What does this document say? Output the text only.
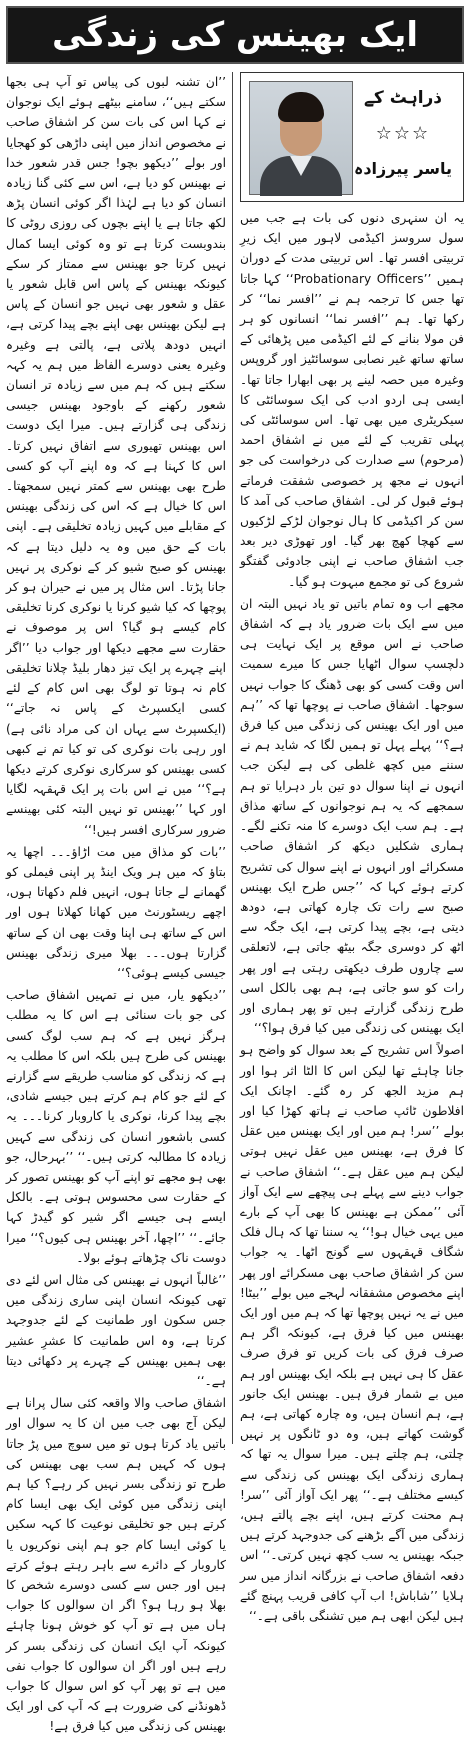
ایک بھینس کی زندگی
ذراہٹ کے
☆☆☆
یاسر پیرزادہ

یہ ان سنہری دنوں کی بات ہے جب میں سول سروسز اکیڈمی لاہور میں ایک زیرِ تربیتی افسر تھا۔ اس تربیتی مدت کے دوران ہمیں ’’Probationary Officers‘‘ کہا جاتا تھا جس کا ترجمہ ہم نے ’’افسر نما‘‘ کر رکھا تھا۔ ہم ’’افسر نما‘‘ انسانوں کو ہر فن مولا بنانے کے لئے اکیڈمی میں پڑھائی کے ساتھ ساتھ غیر نصابی سوسائٹیز اور گروپس وغیرہ میں حصہ لینے پر بھی ابھارا جاتا تھا۔ ایسی ہی اردو ادب کی ایک سوسائٹی کا سیکریٹری میں بھی تھا۔ اس سوسائٹی کی پہلی تقریب کے لئے میں نے اشفاق احمد (مرحوم) سے صدارت کی درخواست کی جو انہوں نے مجھ پر خصوصی شفقت فرماتے ہوئے قبول کر لی۔ اشفاق صاحب کی آمد کا سن کر اکیڈمی کا ہال نوجوان لڑکے لڑکیوں سے کھچا کھچ بھر گیا۔ اور تھوڑی دیر بعد جب اشفاق صاحب نے اپنی جادوئی گفتگو شروع کی تو مجمع مبہوت ہو گیا۔

مجھے اب وہ تمام باتیں تو یاد نہیں البتہ ان میں سے ایک بات ضرور یاد ہے کہ اشفاق صاحب نے اس موقع پر ایک نہایت ہی دلچسپ سوال اٹھایا جس کا میرے سمیت اس وقت کسی کو بھی ڈھنگ کا جواب نہیں سوجھا۔ اشفاق صاحب نے پوچھا تھا کہ ’’ہم میں اور ایک بھینس کی زندگی میں کیا فرق ہے؟‘‘ پہلے پہل تو ہمیں لگا کہ شاید ہم نے سننے میں کچھ غلطی کی ہے لیکن جب انہوں نے اپنا سوال دو تین بار دہرایا تو ہم سمجھے کہ یہ ہم نوجوانوں کے ساتھ مذاق ہے۔ ہم سب ایک دوسرے کا منہ تکنے لگے۔ ہماری شکلیں دیکھ کر اشفاق صاحب مسکرائے اور انہوں نے اپنے سوال کی تشریح کرتے ہوئے کہا کہ ’’جس طرح ایک بھینس صبح سے رات تک چارہ کھاتی ہے، دودھ دیتی ہے، بچے پیدا کرتی ہے، ایک جگہ سے اٹھ کر دوسری جگہ بیٹھ جاتی ہے، لاتعلقی سے چاروں طرف دیکھتی رہتی ہے اور پھر رات کو سو جاتی ہے، ہم بھی بالکل اسی طرح زندگی گزارتے ہیں تو پھر ہماری اور ایک بھینس کی زندگی میں کیا فرق ہوا؟‘‘

اصولاً اس تشریح کے بعد سوال کو واضح ہو جانا چاہئے تھا لیکن اس کا الٹا اثر ہوا اور ہم مزید الجھ کر رہ گئے۔ اچانک ایک افلاطون ٹائپ صاحب نے ہاتھ کھڑا کیا اور بولے ’’سر! ہم میں اور ایک بھینس میں عقل کا فرق ہے، بھینس میں عقل نہیں ہوتی لیکن ہم میں عقل ہے۔‘‘ اشفاق صاحب نے جواب دینے سے پہلے ہی پیچھے سے ایک آواز آئی ’’ممکن ہے بھینس کا بھی آپ کے بارے میں یہی خیال ہو!‘‘ یہ سننا تھا کہ ہال فلک شگاف قہقہوں سے گونج اٹھا۔ یہ جواب سن کر اشفاق صاحب بھی مسکرائے اور پھر اپنے مخصوص مشفقانہ لہجے میں بولے ’’بیٹا! میں نے یہ نہیں پوچھا تھا کہ ہم میں اور ایک بھینس میں کیا فرق ہے، کیونکہ اگر ہم صرف فرق کی بات کریں تو فرق صرف عقل کا ہی نہیں ہے بلکہ ایک بھینس اور ہم میں بے شمار فرق ہیں۔ بھینس ایک جانور ہے، ہم انسان ہیں، وہ چارہ کھاتی ہے، ہم گوشت کھاتے ہیں، وہ دو ٹانگوں پر نہیں چلتی، ہم چلتے ہیں۔ میرا سوال یہ تھا کہ ہماری زندگی ایک بھینس کی زندگی سے کیسے مختلف ہے۔‘‘ پھر ایک آواز آئی ’’سر! ہم محنت کرتے ہیں، اپنے بچے پالتے ہیں، زندگی میں آگے بڑھنے کی جدوجہد کرتے ہیں جبکہ بھینس یہ سب کچھ نہیں کرتی۔‘‘ اس دفعہ اشفاق صاحب نے بزرگانہ انداز میں سر ہلایا ’’شاباش! اب آپ کافی قریب پہنچ گئے ہیں لیکن ابھی ہم میں تشنگی باقی ہے۔‘‘

’’ان تشنہ لبوں کی پیاس تو آپ ہی بجھا سکتے ہیں‘‘، سامنے بیٹھے ہوئے ایک نوجوان نے کہا اس کی بات سن کر اشفاق صاحب نے مخصوص انداز میں اپنی داڑھی کو کھجایا اور بولے ’’دیکھو بچو! جس قدر شعور خدا نے بھینس کو دیا ہے، اس سے کئی گنا زیادہ انسان کو دیا ہے لہٰذا اگر کوئی انسان پڑھ لکھ جاتا ہے یا اپنے بچوں کی روزی روٹی کا بندوبست کرتا ہے تو وہ کوئی ایسا کمال نہیں کرتا جو بھینس سے ممتاز کر سکے کیونکہ بھینس کے پاس اس قابل شعور یا عقل و شعور بھی نہیں جو انسان کے پاس ہے لیکن بھینس بھی اپنے بچے پیدا کرتی ہے، انہیں دودھ پلاتی ہے، پالتی ہے وغیرہ وغیرہ یعنی دوسرے الفاظ میں ہم یہ کہہ سکتے ہیں کہ ہم میں سے زیادہ تر انسان شعور رکھنے کے باوجود بھینس جیسی زندگی ہی گزارتے ہیں۔ میرا ایک دوست اس بھینس تھیوری سے اتفاق نہیں کرتا۔ اس کا کہنا ہے کہ وہ اپنے آپ کو کسی طرح بھی بھینس سے کمتر نہیں سمجھتا۔ اس کا خیال ہے کہ اس کی زندگی بھینس کے مقابلے میں کہیں زیادہ تخلیقی ہے۔ اپنی بات کے حق میں وہ یہ دلیل دیتا ہے کہ بھینس کو صبح شیو کر کے نوکری پر نہیں جانا پڑتا۔ اس مثال پر میں نے حیران ہو کر پوچھا کہ کیا شیو کرنا یا نوکری کرنا تخلیقی کام کیسے ہو گیا؟ اس پر موصوف نے حقارت سے مجھے دیکھا اور جواب دیا ’’اگر اپنے چہرے پر ایک تیز دھار بلیڈ چلانا تخلیقی کام نہ ہوتا تو لوگ بھی اس کام کے لئے کسی ایکسپرٹ کے پاس نہ جاتے‘‘ (ایکسپرٹ سے یہاں ان کی مراد نائی ہے) اور رہی بات نوکری کی تو کیا تم نے کبھی کسی بھینس کو سرکاری نوکری کرتے دیکھا ہے؟‘‘ میں نے اس بات پر ایک قہقہہ لگایا اور کہا ’’بھینس تو نہیں البتہ کئی بھینسے ضرور سرکاری افسر ہیں!‘‘

’’بات کو مذاق میں مت اڑاؤ۔۔۔ اچھا یہ بتاؤ کہ میں ہر ویک اینڈ پر اپنی فیملی کو گھمانے لے جاتا ہوں، انہیں فلم دکھاتا ہوں، اچھے ریسٹورنٹ میں کھانا کھلاتا ہوں اور اس کے ساتھ ہی اپنا وقت بھی ان کے ساتھ گزارتا ہوں۔۔۔ بھلا میری زندگی بھینس جیسی کیسے ہوئی؟‘‘

’’دیکھو یار، میں نے تمہیں اشفاق صاحب کی جو بات سنائی ہے اس کا یہ مطلب ہرگز نہیں ہے کہ ہم سب لوگ کسی بھینس کی طرح ہیں بلکہ اس کا مطلب یہ ہے کہ زندگی کو مناسب طریقے سے گزارنے کے لئے جو کام ہم کرتے ہیں جیسے شادی، بچے پیدا کرنا، نوکری یا کاروبار کرنا۔۔۔ یہ کسی باشعور انسان کی زندگی سے کہیں زیادہ کا مطالبہ کرتی ہیں۔‘‘ ’’بہرحال، جو بھی ہو مجھے تو اپنے آپ کو بھینس تصور کر کے حقارت سی محسوس ہوتی ہے۔ بالکل ایسے ہی جیسے اگر شیر کو گیدڑ کہا جائے۔‘‘ ’’اچھا، آخر بھینس ہی کیوں؟‘‘ میرا دوست ناک چڑھاتے ہوئے بولا۔

’’غالباً انہوں نے بھینس کی مثال اس لئے دی تھی کیونکہ انسان اپنی ساری زندگی میں جس سکون اور طمانیت کے لئے جدوجہد کرتا ہے، وہ اس طمانیت کا عشرِ عشیر بھی ہمیں بھینس کے چہرے پر دکھائی دیتا ہے۔‘‘

اشفاق صاحب والا واقعہ کئی سال پرانا ہے لیکن آج بھی جب میں ان کا یہ سوال اور باتیں یاد کرتا ہوں تو میں سوچ میں پڑ جاتا ہوں کہ کہیں ہم سب بھی بھینس کی طرح تو زندگی بسر نہیں کر رہے؟ کیا ہم اپنی زندگی میں کوئی ایک بھی ایسا کام کرتے ہیں جو تخلیقی نوعیت کا کہہ سکیں یا کوئی ایسا کام جو ہم اپنی نوکریوں یا کاروبار کے دائرے سے باہر رہتے ہوئے کرتے ہیں اور جس سے کسی دوسرے شخص کا بھلا ہو رہا ہو؟ اگر ان سوالوں کا جواب ہاں میں ہے تو آپ کو خوش ہونا چاہئے کیونکہ آپ ایک انسان کی زندگی بسر کر رہے ہیں اور اگر ان سوالوں کا جواب نفی میں ہے تو پھر آپ کو اس سوال کا جواب ڈھونڈنے کی ضرورت ہے کہ آپ کی اور ایک بھینس کی زندگی میں کیا فرق ہے!
